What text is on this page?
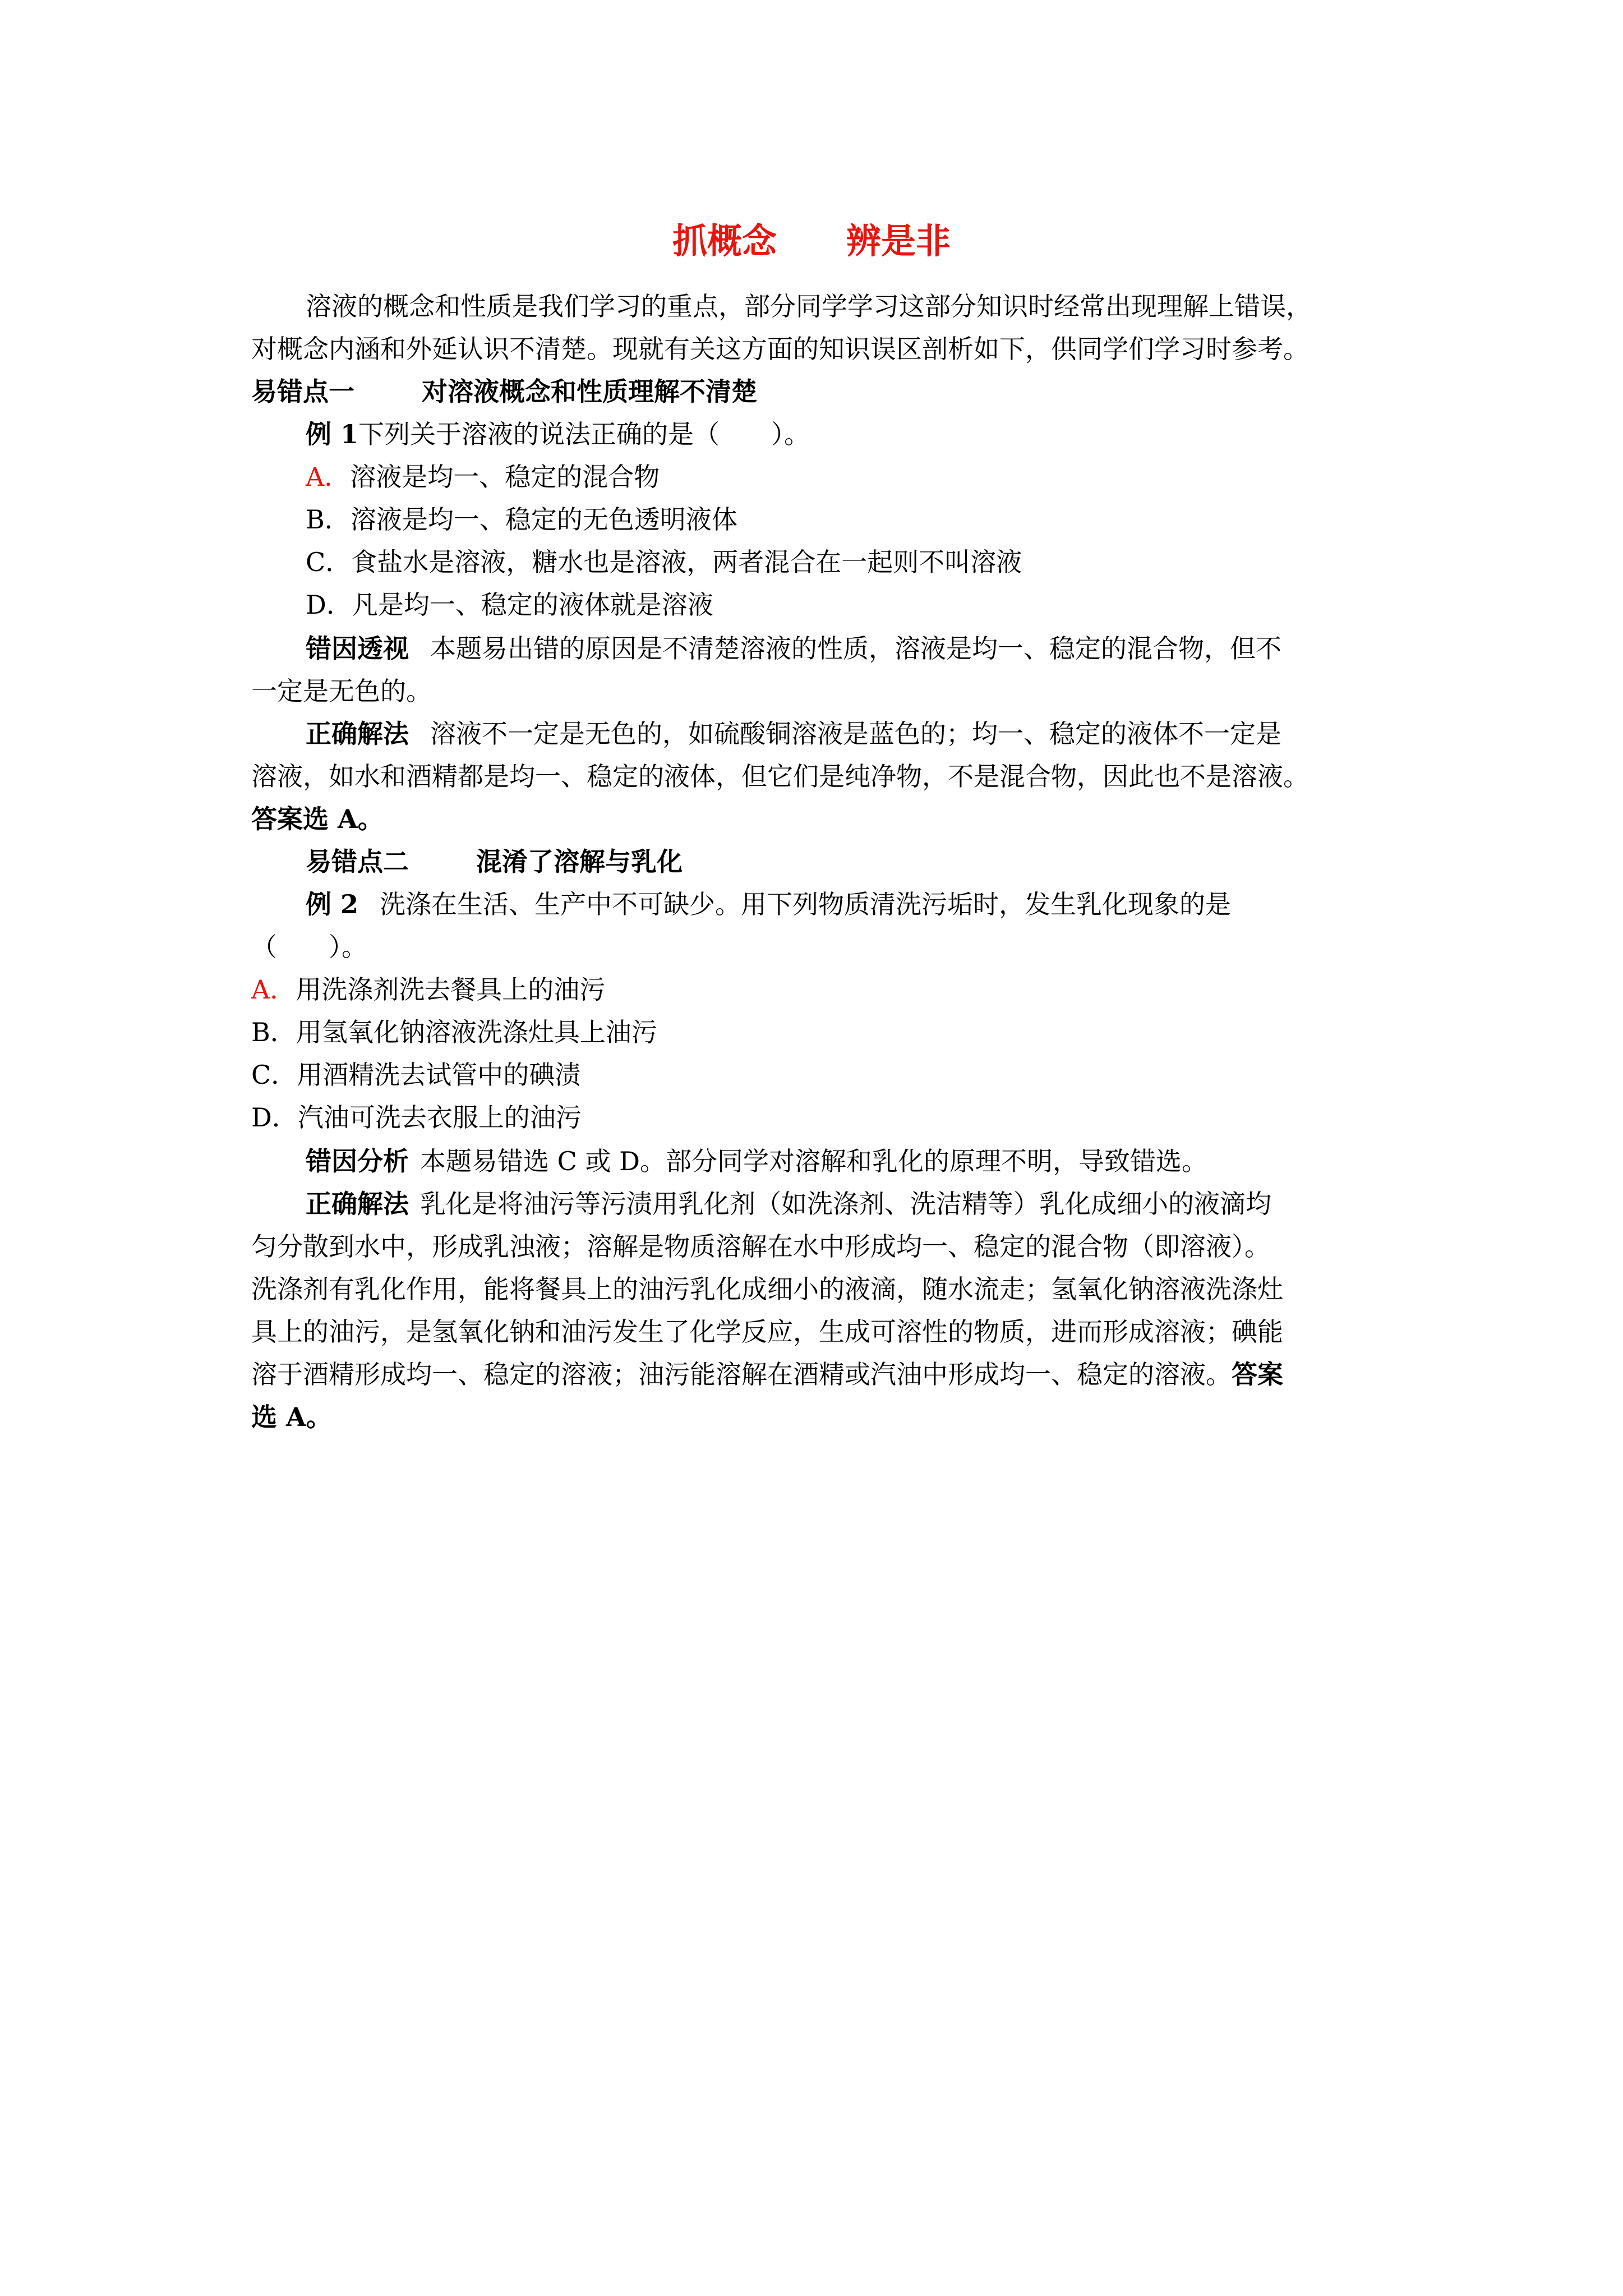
抓概念　　辨是非
溶液的概念和性质是我们学习的重点，部分同学学习这部分知识时经常出现理解上错误，
对概念内涵和外延认识不清楚。现就有关这方面的知识误区剖析如下，供同学们学习时参考。
易错点一	对溶液概念和性质理解不清楚
例 1下列关于溶液的说法正确的是（　　）。
A．溶液是均一、稳定的混合物
B．溶液是均一、稳定的无色透明液体
C．食盐水是溶液，糖水也是溶液，两者混合在一起则不叫溶液
D．凡是均一、稳定的液体就是溶液
错因透视 本题易出错的原因是不清楚溶液的性质，溶液是均一、稳定的混合物，但不
一定是无色的。
正确解法 溶液不一定是无色的，如硫酸铜溶液是蓝色的；均一、稳定的液体不一定是
溶液，如水和酒精都是均一、稳定的液体，但它们是纯净物，不是混合物，因此也不是溶液。
答案选 A。
易错点二	混淆了溶解与乳化
例 2 洗涤在生活、生产中不可缺少。用下列物质清洗污垢时，发生乳化现象的是
（　　）。
A．用洗涤剂洗去餐具上的油污
B．用氢氧化钠溶液洗涤灶具上油污
C．用酒精洗去试管中的碘渍
D．汽油可洗去衣服上的油污
错因分析 本题易错选 C 或 D。部分同学对溶解和乳化的原理不明，导致错选。
正确解法 乳化是将油污等污渍用乳化剂（如洗涤剂、洗洁精等）乳化成细小的液滴均
匀分散到水中，形成乳浊液；溶解是物质溶解在水中形成均一、稳定的混合物（即溶液）。
洗涤剂有乳化作用，能将餐具上的油污乳化成细小的液滴，随水流走；氢氧化钠溶液洗涤灶
具上的油污，是氢氧化钠和油污发生了化学反应，生成可溶性的物质，进而形成溶液；碘能
溶于酒精形成均一、稳定的溶液；油污能溶解在酒精或汽油中形成均一、稳定的溶液。答案
选 A。
